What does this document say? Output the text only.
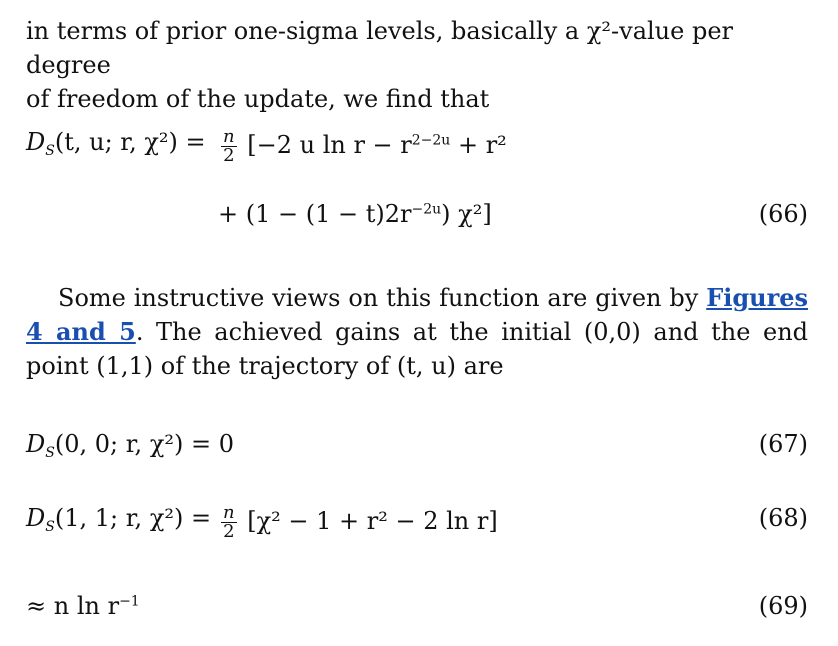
in terms of prior one-sigma levels, basically a χ²-value per degree
of freedom of the update, we find that
$D_S(t$, u; r, $\chi^2) = \frac{n}{2} [-2$ u $\ln r - r^{2-2u} + r^2$
+ $(1 - (1 - t)2r^{-2u})$ χ²]	(66)
Some instructive views on this function are given by Figures 4 and 5. The achieved gains at the initial (0,0) and the end point (1,1) of the trajectory of (t, u) are
$D_S(0$, 0; r, χ²) = 0	(67)
$D_S(1$, 1; r, $\chi^2) = \frac{n}{2} [\chi^2 - 1 + r^2 - 2$ ln r]	(68)
≈ n $\ln r^{-1}$	(69)
